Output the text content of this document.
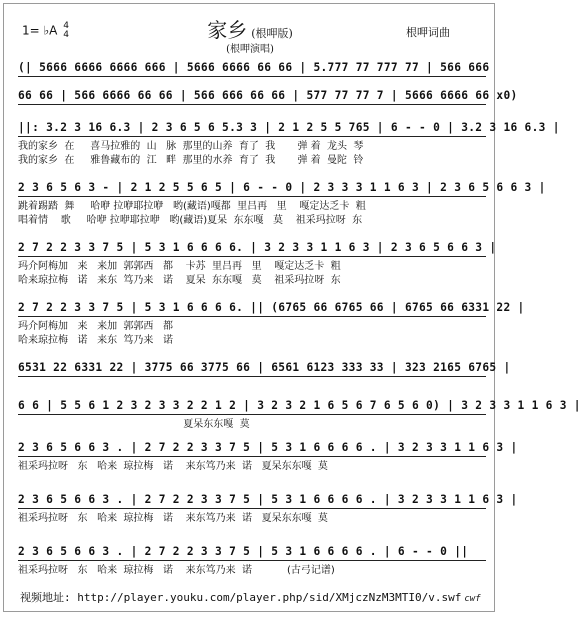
1= ♭A 4
4	家乡 (根呷版)
(根呷演唱)
根呷词曲
(| 5666 6666 6666 666 | 5666 6666 66 66 | 5.777 77 777 77 | 566 666
66 66 | 566 6666 66 66 | 566 666 66 66 | 577 77 77 7 | 5666 6666 66 x0)
||: 3.2 3 16 6.3 | 2 3 6 5 6 5.3 3 | 2 1 2 5 5 765 | 6 - - 0 | 3.2 3 16 6.3 |
我的家乡  在     喜马拉雅的  山   脉  那里的山养  育了  我       弹 着  龙头  琴
我的家乡  在     雅鲁藏布的  江   畔  那里的水养  育了  我       弹 着  曼陀  铃
2 3 6 5 6 3 - | 2 1 2 5 5 6 5 | 6 - - 0 | 2 3 3 3 1 1 6 3 | 2 3 6 5 6 6 3 |
跳着踢踏  舞     哈咿 拉咿耶拉咿   哟(藏语)嘎都  里吕再   里    嘎定达乏卡  粗
唱着情    歌     哈咿 拉咿耶拉咿   哟(藏语)夏呆  东东嘎   莫    祖采玛拉呀  东
2 7 2 2 3 3 7 5 | 5 3 1 6 6 6 6. | 3 2 3 3 1 1 6 3 | 2 3 6 5 6 6 3 |
玛介阿梅加   来   来加  郭郭西   都    卡苏  里吕再   里    嘎定达乏卡  粗
哈来琼拉梅   诺   来东  笃乃来   诺    夏呆  东东嘎   莫    祖采玛拉呀  东
2 7 2 2 3 3 7 5 | 5 3 1 6 6 6 6. || (6765 66 6765 66 | 6765 66 6331 22 |
玛介阿梅加   来   来加  郭郭西   都
哈来琼拉梅   诺   来东  笃乃来   诺
6531 22 6331 22 | 3775 66 3775 66 | 6561 6123 333 33 | 323 2165 6765 |
6 6 | 5 5 6 1 2 3 2 3 3 2 2 1 2 | 3 2 3 2 1 6 5 6 7 6 5 6 0) | 3 2 3 3 1 1 6 3 |
夏呆东东嘎  莫
2 3 6 5 6 6 3 . | 2 7 2 2 3 3 7 5 | 5 3 1 6 6 6 6 . | 3 2 3 3 1 1 6 3 |
祖采玛拉呀   东   哈来  琼拉梅   诺    来东笃乃来  诺   夏呆东东嘎  莫
2 3 6 5 6 6 3 . | 2 7 2 2 3 3 7 5 | 5 3 1 6 6 6 6 . | 3 2 3 3 1 1 6 3 |
祖采玛拉呀   东   哈来  琼拉梅   诺    来东笃乃来  诺   夏呆东东嘎  莫
2 3 6 5 6 6 3 . | 2 7 2 2 3 3 7 5 | 5 3 1 6 6 6 6 . | 6 - - 0 ||
祖采玛拉呀   东   哈来  琼拉梅   诺    来东笃乃来  诺           (古弓记谱)
视频地址: http://player.youku.com/player.php/sid/XMjczNzM3MTI0/v.swf cwf
